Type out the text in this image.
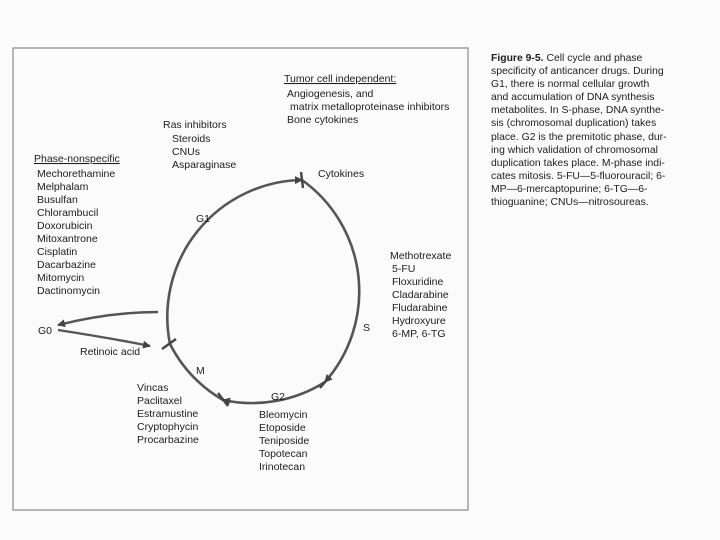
G1
S
G2
M
G0
Phase-nonspecific
Mechorethamine
Melphalam
Busulfan
Chlorambucil
Doxorubicin
Mitoxantrone
Cisplatin
Dacarbazine
Mitomycin
Dactinomycin
Tumor cell independent:
Angiogenesis, and
matrix metalloproteinase inhibitors
Bone cytokines
Ras inhibitors
Steroids
CNUs
Asparaginase
Cytokines
Methotrexate
5-FU
Floxuridine
Cladarabine
Fludarabine
Hydroxyure
6-MP, 6-TG
Bleomycin
Etoposide
Teniposide
Topotecan
Irinotecan
Vincas
Paclitaxel
Estramustine
Cryptophycin
Procarbazine
Retinoic acid
Figure 9-5. Cell cycle and phase
specificity of anticancer drugs. During
G1, there is normal cellular growth
and accumulation of DNA synthesis
metabolites. In S-phase, DNA synthe-
sis (chromosomal duplication) takes
place. G2 is the premitotic phase, dur-
ing which validation of chromosomal
duplication takes place. M-phase indi-
cates mitosis. 5-FU—5-fluorouracil; 6-
MP—6-mercaptopurine; 6-TG—6-
thioguanine; CNUs—nitrosoureas.
